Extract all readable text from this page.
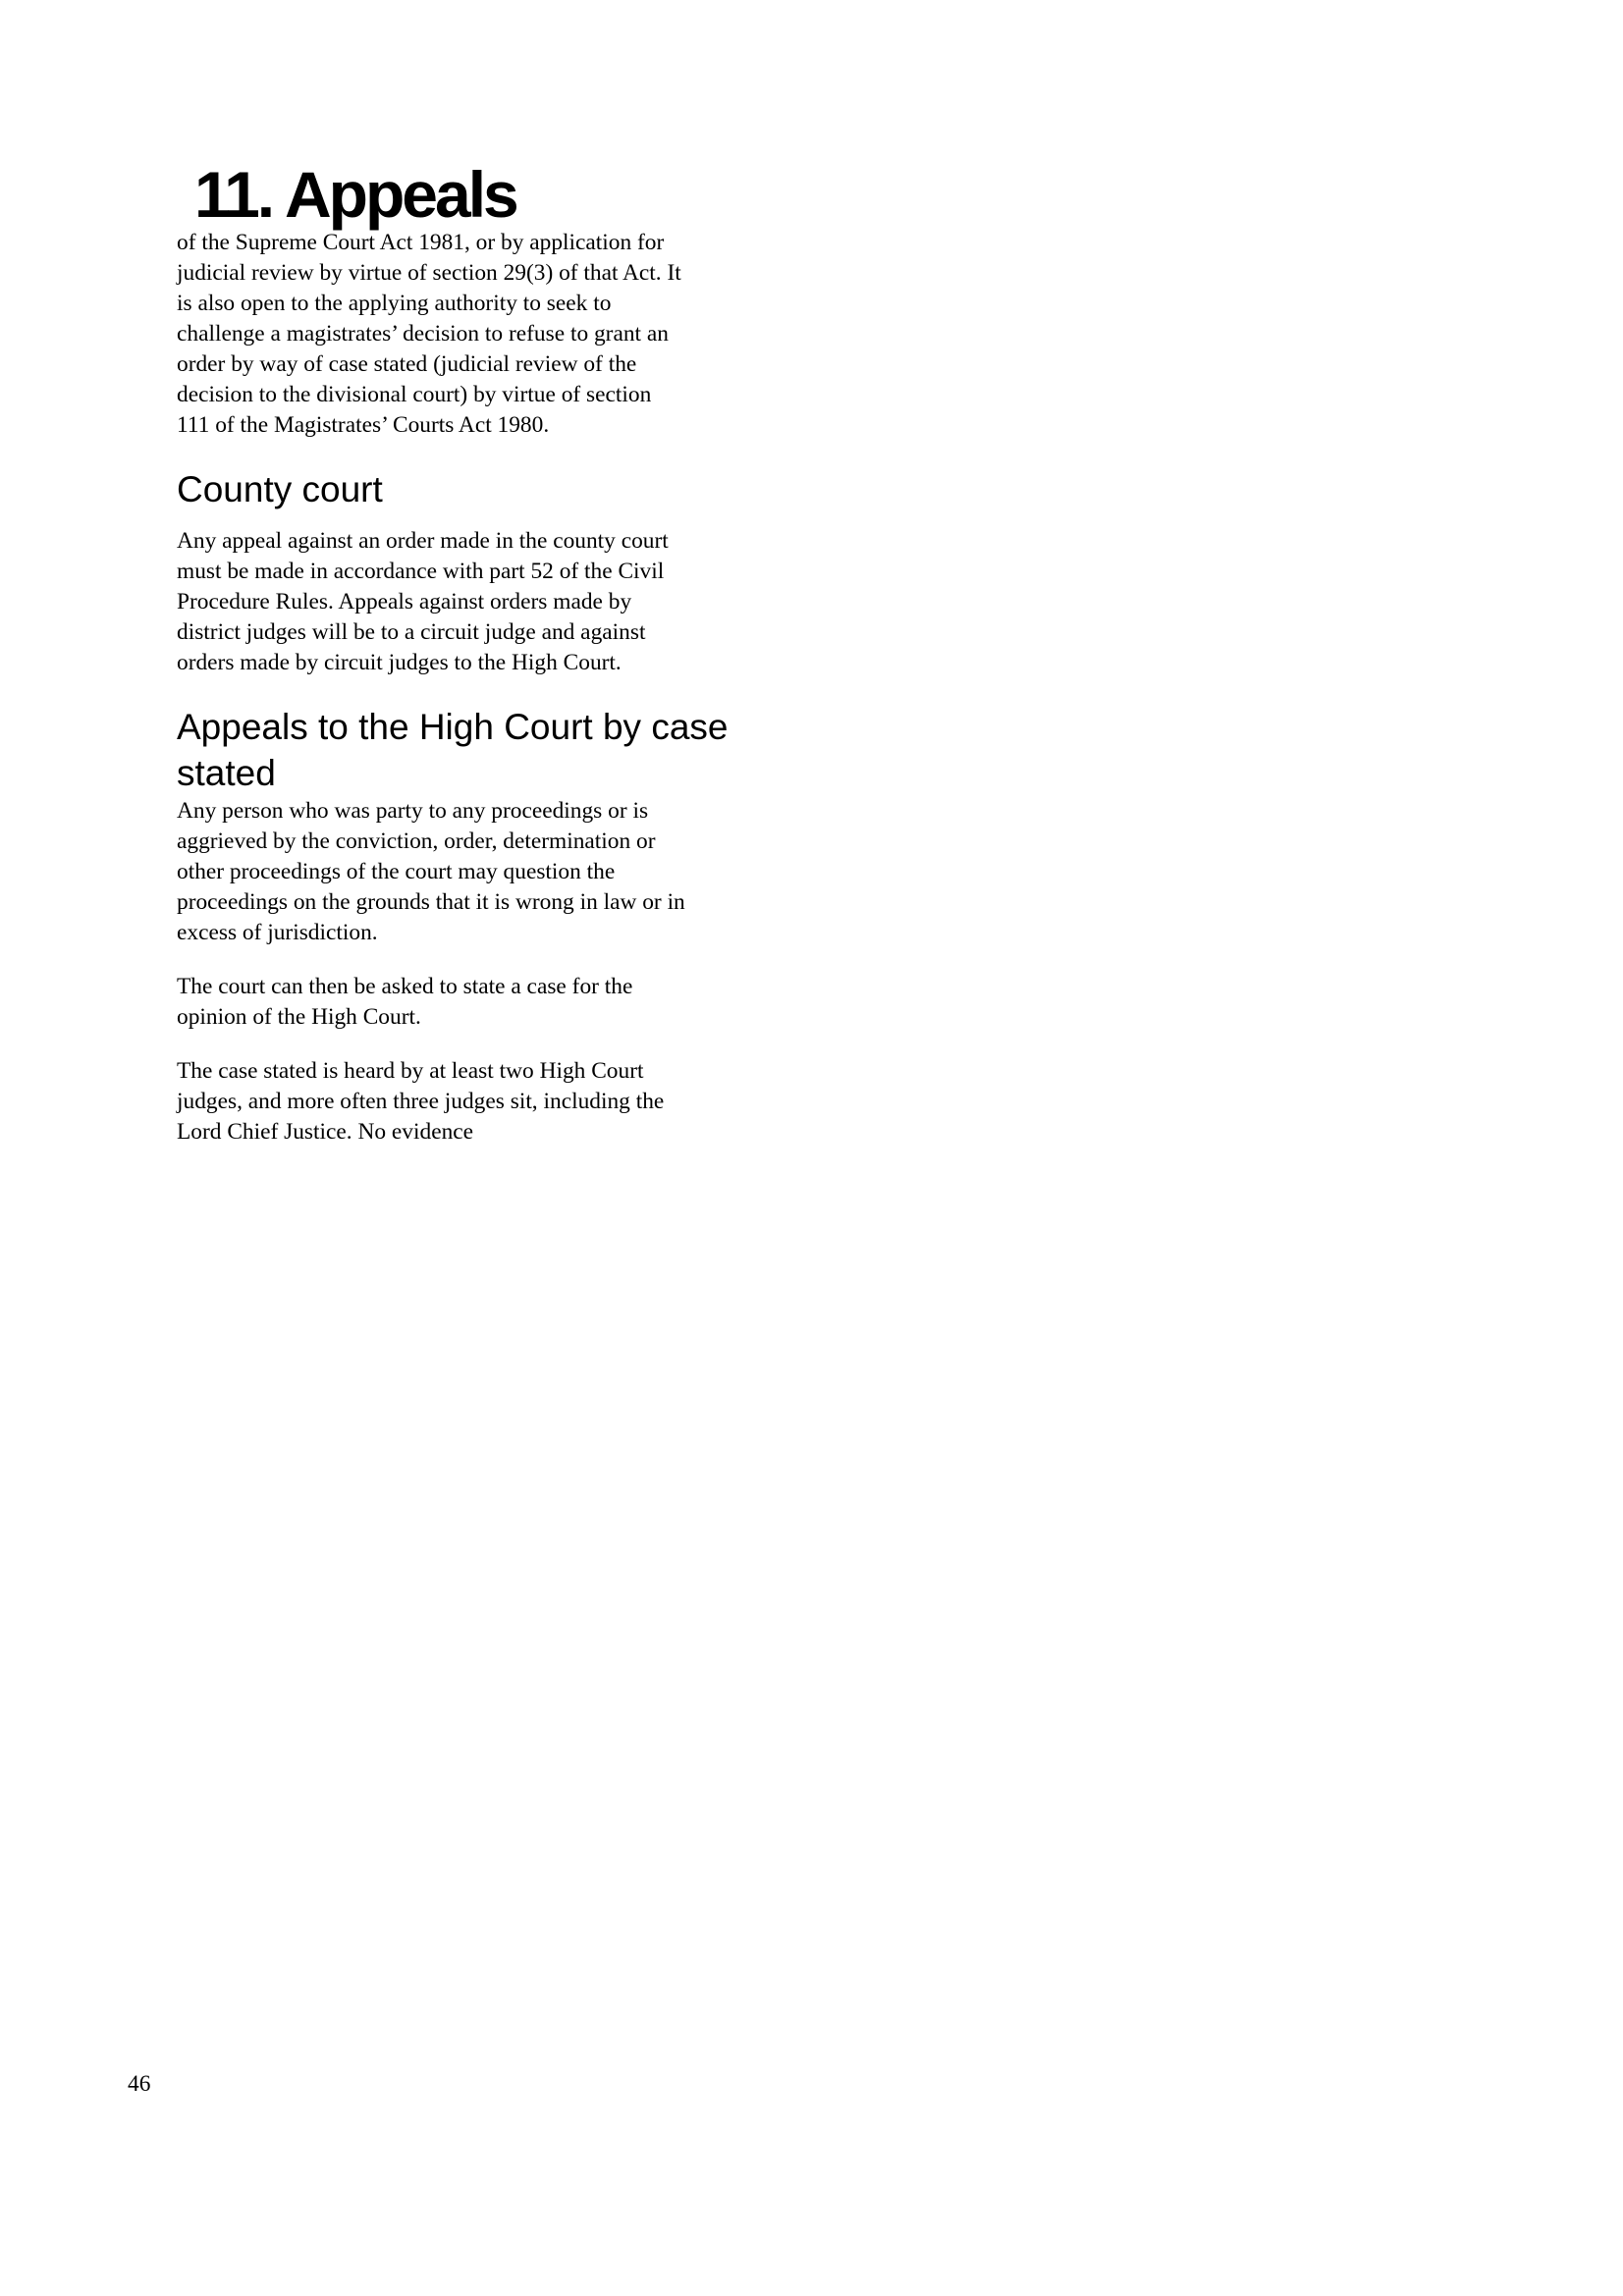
11. Appeals

of the Supreme Court Act 1981, or by application for
judicial review by virtue of section 29(3) of that Act. It
is also open to the applying authority to seek to
challenge a magistrates’ decision to refuse to grant an
order by way of case stated (judicial review of the
decision to the divisional court) by virtue of section
111 of the Magistrates’ Courts Act 1980.

County court

Any appeal against an order made in the county court
must be made in accordance with part 52 of the Civil
Procedure Rules. Appeals against orders made by
district judges will be to a circuit judge and against
orders made by circuit judges to the High Court.

Appeals to the High Court by case
stated

Any person who was party to any proceedings or is
aggrieved by the conviction, order, determination or
other proceedings of the court may question the
proceedings on the grounds that it is wrong in law or in
excess of jurisdiction.

The court can then be asked to state a case for the
opinion of the High Court.

The case stated is heard by at least two High Court
judges, and more often three judges sit, including the
Lord Chief Justice. No evidence

46
